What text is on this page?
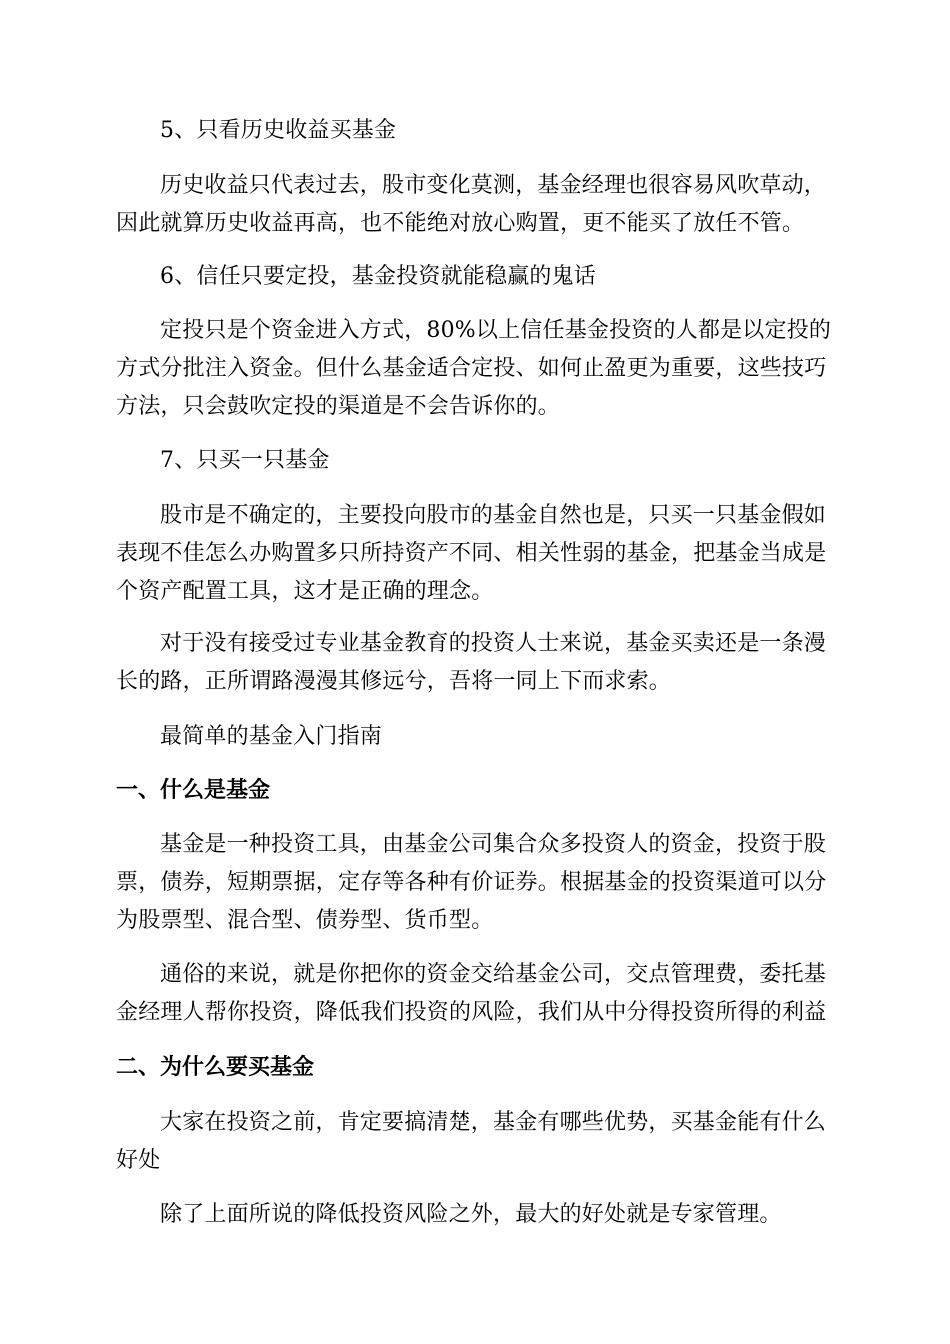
5、只看历史收益买基金

历史收益只代表过去，股市变化莫测，基金经理也很容易风吹草动，因此就算历史收益再高，也不能绝对放心购置，更不能买了放任不管。

6、信任只要定投，基金投资就能稳赢的鬼话

定投只是个资金进入方式，80%以上信任基金投资的人都是以定投的方式分批注入资金。但什么基金适合定投、如何止盈更为重要，这些技巧方法，只会鼓吹定投的渠道是不会告诉你的。

7、只买一只基金

股市是不确定的，主要投向股市的基金自然也是，只买一只基金假如表现不佳怎么办购置多只所持资产不同、相关性弱的基金，把基金当成是个资产配置工具，这才是正确的理念。

对于没有接受过专业基金教育的投资人士来说，基金买卖还是一条漫长的路，正所谓路漫漫其修远兮，吾将一同上下而求索。

最简单的基金入门指南

一、什么是基金

基金是一种投资工具，由基金公司集合众多投资人的资金，投资于股票，债券，短期票据，定存等各种有价证券。根据基金的投资渠道可以分为股票型、混合型、债券型、货币型。

通俗的来说，就是你把你的资金交给基金公司，交点管理费，委托基金经理人帮你投资，降低我们投资的风险，我们从中分得投资所得的利益

二、为什么要买基金

大家在投资之前，肯定要搞清楚，基金有哪些优势，买基金能有什么好处

除了上面所说的降低投资风险之外，最大的好处就是专家管理。
